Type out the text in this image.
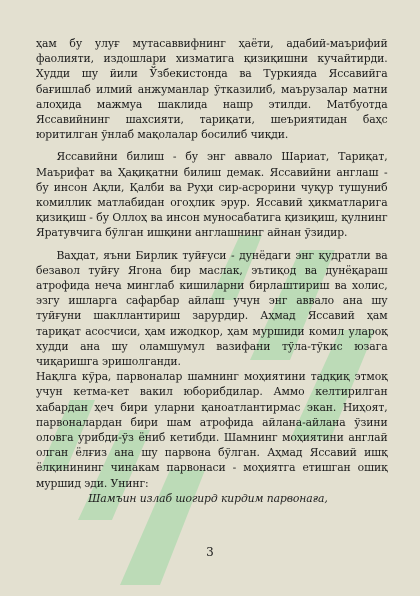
ҳам бу улуғ мутасаввифнинг ҳаёти, адабий-маърифий фаолияти, издошлари хизматига қизиқишни кучайтирди. Худди шу йили Ўзбекистонда ва Туркияда Яссавийга бағишлаб илмий анжуманлар ўтказилиб, маърузалар матни алоҳида мажмуа шаклида нашр этилди. Матбуотда Яссавийнинг шахсияти, тариқати, шеъриятидан баҳс юритилган ўнлаб мақолалар босилиб чиқди.

Яссавийни билиш - бу энг аввало Шариат, Тариқат, Маърифат ва Ҳақиқатни билиш демак. Яссавийни англаш - бу инсон Ақли, Қалби ва Руҳи сир-асрорини чуқур тушуниб комиллик матлабидан огоҳлик эрур. Яссавий ҳикматларига қизиқиш - бу Оллоҳ ва инсон муносабатига қизиқиш, қулнинг Яратувчига бўлган ишқини англашнинг айнан ўзидир.

Ваҳдат, яъни Бирлик туйғуси - дунёдаги энг қудратли ва безавол туйғу Ягона бир маслак, эътиқод ва дунёқараш атрофида неча минглаб кишиларни бирлаштириш ва холис, эзгу ишларга сафарбар айлаш учун энг аввало ана шу туйғуни шакллантириш зарурдир. Аҳмад Яссавий ҳам тариқат асосчиси, ҳам ижодкор, ҳам муршиди комил улароқ худди ана шу оламшумул вазифани тўла-тўкис юзага чиқаришга эришолганди.

Нақлга кўра, парвоналар шамнинг моҳиятини тадқиқ этмоқ учун кетма-кет вакил юборибдилар. Аммо келтирилган хабардан ҳеч бири уларни қаноатлантирмас экан. Ниҳоят, парвоналардан бири шам атрофида айлана-айлана ўзини оловга урибди-ўз ёниб кетибди. Шамнинг моҳиятини англай олган ёлғиз ана шу парвона бўлган. Аҳмад Яссавий ишқ ёлқинининг чинакам парвонаси - моҳиятга етишган ошиқ муршид эди. Унинг:

Шамъин излаб шогирд кирдим парвонаға,

3
